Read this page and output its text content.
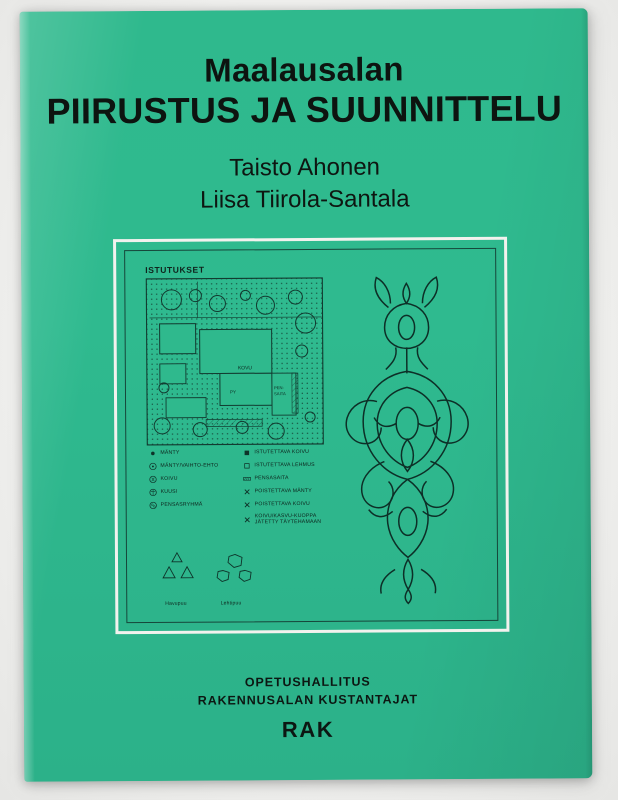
Maalausalan
PIIRUSTUS JA SUUNNITTELU
Taisto Ahonen
Liisa Tiirola-Santala
ISTUTUKSET
KOVU
PY
PEN-
SAITA
MÄNTY
MÄNTY/VAIHTO-EHTO
KOIVU
KUUSI
PENSASRYHMÄ
ISTUTETTAVA KOIVU
ISTUTETTAVA LEHMUS
PENSASAITA
POISTETTAVA MÄNTY
POISTETTAVA KOIVU
KOIVU/KASVU-KUOPPA JÄTETTY TÄYTEHAMAAN
Havupuu	Lehtipuu
OPETUSHALLITUS
RAKENNUSALAN KUSTANTAJAT
RAK
